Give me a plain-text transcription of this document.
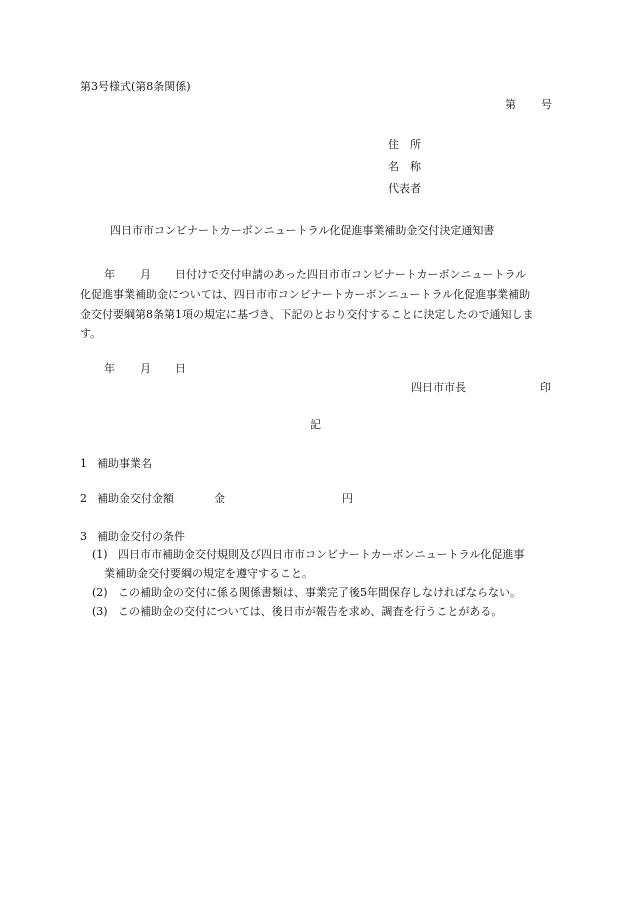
第3号様式(第8条関係)
第 号
住　所
名　称
代表者
四日市市コンビナートカーボンニュートラル化促進事業補助金交付決定通知書
年 月 日付けで交付申請のあった四日市市コンビナートカーボンニュートラル
化促進事業補助金については、四日市市コンビナートカーボンニュートラル化促進事業補助
金交付要綱第8条第1項の規定に基づき、下記のとおり交付することに決定したので通知しま
す。
年 月 日
四日市市長	印
記
1 補助事業名
2 補助金交付金額	金	円
3 補助金交付の条件
(1) 四日市市補助金交付規則及び四日市市コンビナートカーボンニュートラル化促進事
業補助金交付要綱の規定を遵守すること。
(2) この補助金の交付に係る関係書類は、事業完了後5年間保存しなければならない。
(3) この補助金の交付については、後日市が報告を求め、調査を行うことがある。
